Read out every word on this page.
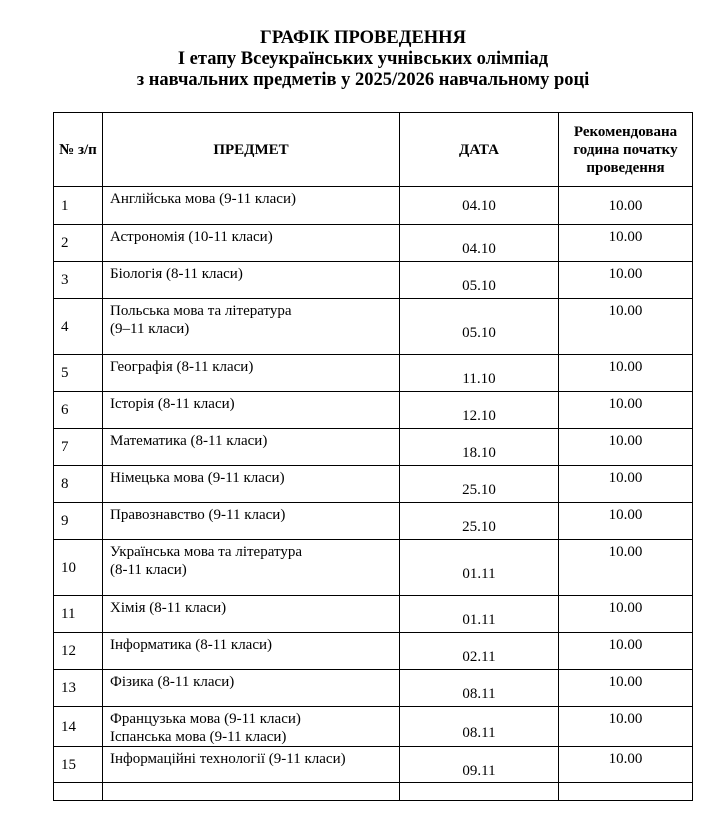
ГРАФІК ПРОВЕДЕННЯ
І етапу Всеукраїнських учнівських олімпіад
з навчальних предметів у 2025/2026 навчальному році
№ з/п	ПРЕДМЕТ	ДАТА	Рекомендована година початку проведення
1	Англійська мова (9-11 класи)	04.10	10.00
2	Астрономія (10-11 класи)	04.10	10.00
3	Біологія (8-11 класи)	05.10	10.00
4	Польська мова та література
(9–11 класи)	05.10	10.00
5	Географія (8-11 класи)	11.10	10.00
6	Історія (8-11 класи)	12.10	10.00
7	Математика (8-11 класи)	18.10	10.00
8	Німецька мова (9-11 класи)	25.10	10.00
9	Правознавство (9-11 класи)	25.10	10.00
10	Українська мова та література
(8-11 класи)	01.11	10.00
11	Хімія (8-11 класи)	01.11	10.00
12	Інформатика (8-11 класи)	02.11	10.00
13	Фізика (8-11 класи)	08.11	10.00
14	Французька мова (9-11 класи)
Іспанська мова (9-11 класи)	08.11	10.00
15	Інформаційні технології (9-11 класи)	09.11	10.00
